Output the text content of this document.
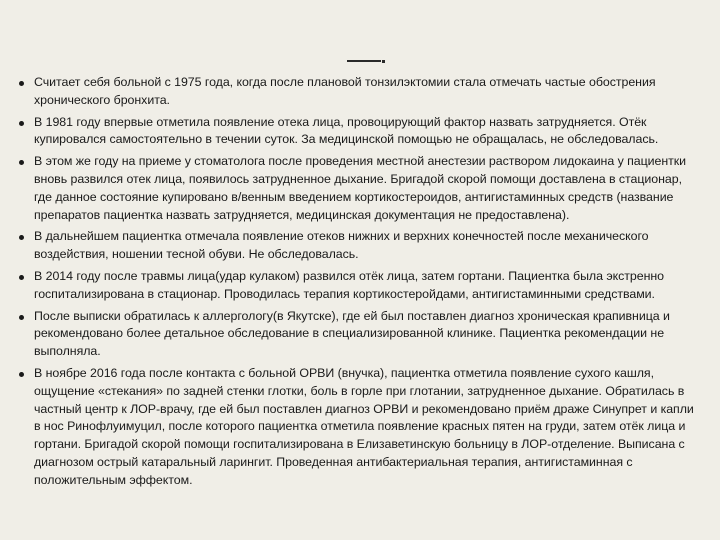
Считает себя больной с 1975 года, когда после плановой тонзилэктомии стала отмечать частые обострения хронического бронхита.
В 1981 году впервые отметила появление отека лица, провоцирующий фактор назвать затрудняется. Отёк купировался самостоятельно в течении суток. За медицинской помощью не обращалась, не обследовалась.
В этом же году на приеме у стоматолога после проведения местной анестезии раствором лидокаина у пациентки вновь развился отек лица, появилось затрудненное дыхание. Бригадой скорой помощи доставлена в стационар, где данное состояние купировано в/венным введением кортикостероидов, антигистаминных средств (название препаратов пациентка назвать затрудняется, медицинская документация не предоставлена).
В дальнейшем пациентка отмечала появление отеков нижних и верхних конечностей после механического воздействия, ношении тесной обуви. Не обследовалась.
В 2014 году после травмы лица(удар кулаком) развился отёк лица, затем гортани. Пациентка была экстренно госпитализирована в стационар. Проводилась терапия кортикостеройдами, антигистаминными средствами.
После выписки обратилась к аллергологу(в Якутске), где ей был поставлен диагноз хроническая крапивница и рекомендовано более детальное обследование в специализированной клинике. Пациентка рекомендации не выполняла.
В ноябре 2016 года после контакта с больной ОРВИ (внучка), пациентка отметила появление сухого кашля, ощущение «стекания» по задней стенки глотки, боль в горле при глотании, затрудненное дыхание. Обратилась в частный центр к ЛОР-врачу, где ей был поставлен диагноз ОРВИ и рекомендовано приём драже Синупрет и капли в нос Ринофлуимуцил, после которого пациентка отметила появление красных пятен на груди, затем отёк лица и гортани. Бригадой скорой помощи госпитализирована в Елизаветинскую больницу в ЛОР-отделение. Выписана с диагнозом острый катаральный ларингит. Проведенная антибактериальная терапия, антигистаминная с положительным эффектом.
